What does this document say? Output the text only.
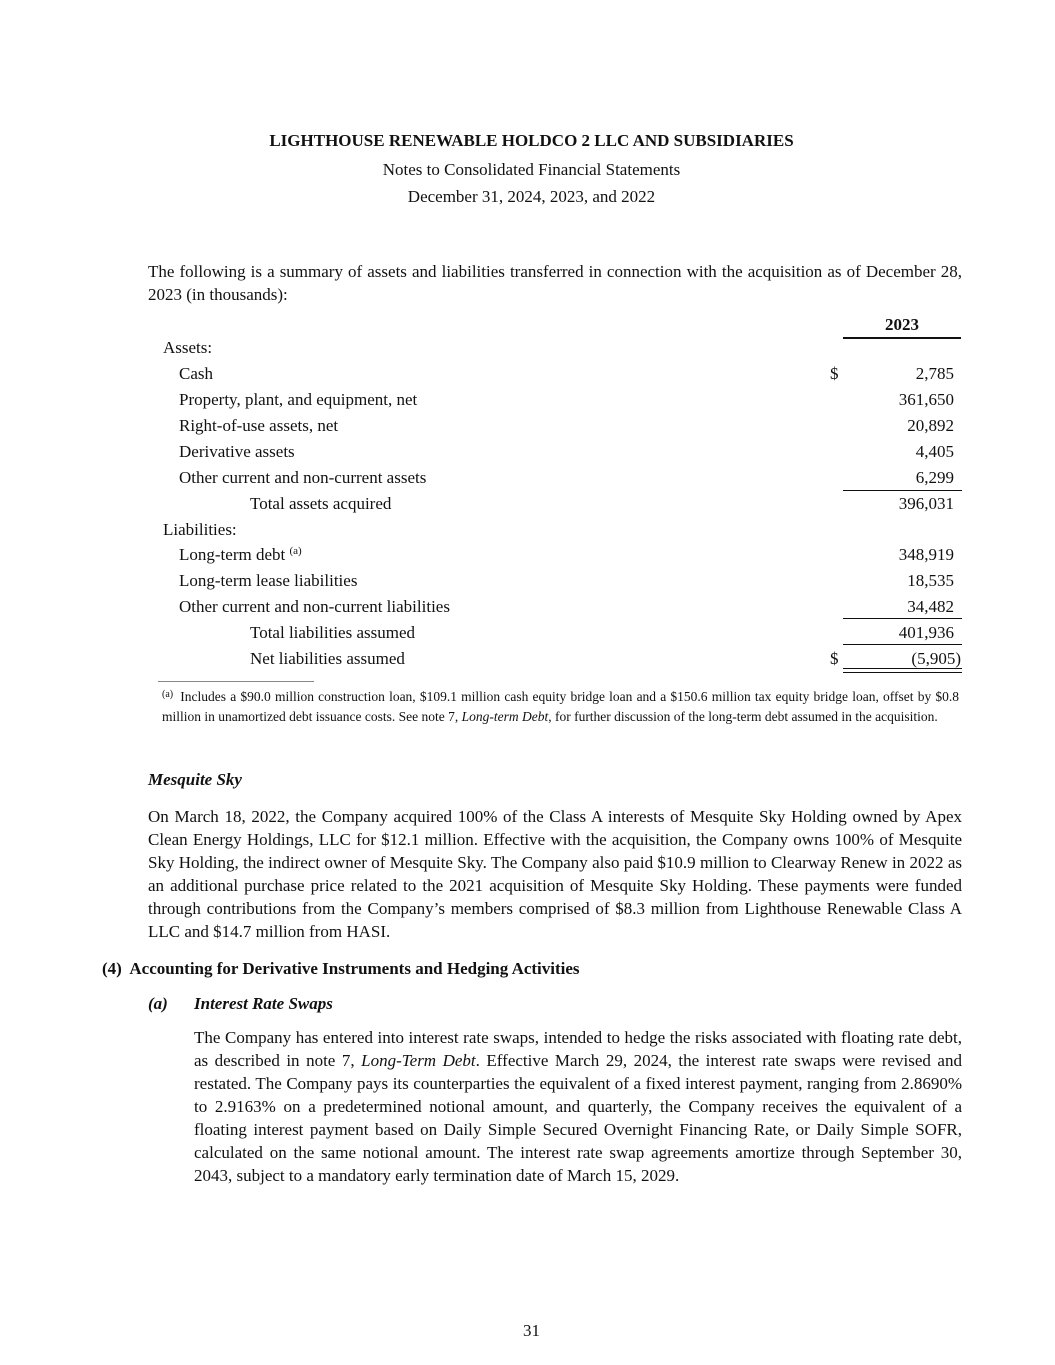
LIGHTHOUSE RENEWABLE HOLDCO 2 LLC AND SUBSIDIARIES
Notes to Consolidated Financial Statements
December 31, 2024, 2023, and 2022
The following is a summary of assets and liabilities transferred in connection with the acquisition as of December 28, 2023 (in thousands):
2023
Assets:
Cash	$	2,785
Property, plant, and equipment, net	361,650
Right-of-use assets, net	20,892
Derivative assets	4,405
Other current and non-current assets	6,299
Total assets acquired	396,031
Liabilities:
Long-term debt $^{(a)}$	348,919
Long-term lease liabilities	18,535
Other current and non-current liabilities	34,482
Total liabilities assumed	401,936
Net liabilities assumed	$	(5,905)
$^{(a)}$ Includes a $90.0 million construction loan, $109.1 million cash equity bridge loan and a $150.6 million tax equity bridge loan, offset by $0.8 million in unamortized debt issuance costs. See note 7, Long-term Debt, for further discussion of the long-term debt assumed in the acquisition.
Mesquite Sky
On March 18, 2022, the Company acquired 100% of the Class A interests of Mesquite Sky Holding owned by Apex Clean Energy Holdings, LLC for $12.1 million. Effective with the acquisition, the Company owns 100% of Mesquite Sky Holding, the indirect owner of Mesquite Sky. The Company also paid $10.9 million to Clearway Renew in 2022 as an additional purchase price related to the 2021 acquisition of Mesquite Sky Holding. These payments were funded through contributions from the Company’s members comprised of $8.3 million from Lighthouse Renewable Class A LLC and $14.7 million from HASI.
(4)  Accounting for Derivative Instruments and Hedging Activities
(a) Interest Rate Swaps
The Company has entered into interest rate swaps, intended to hedge the risks associated with floating rate debt, as described in note 7, Long-Term Debt. Effective March 29, 2024, the interest rate swaps were revised and restated. The Company pays its counterparties the equivalent of a fixed interest payment, ranging from 2.8690% to 2.9163% on a predetermined notional amount, and quarterly, the Company receives the equivalent of a floating interest payment based on Daily Simple Secured Overnight Financing Rate, or Daily Simple SOFR, calculated on the same notional amount. The interest rate swap agreements amortize through September 30, 2043, subject to a mandatory early termination date of March 15, 2029.
31
